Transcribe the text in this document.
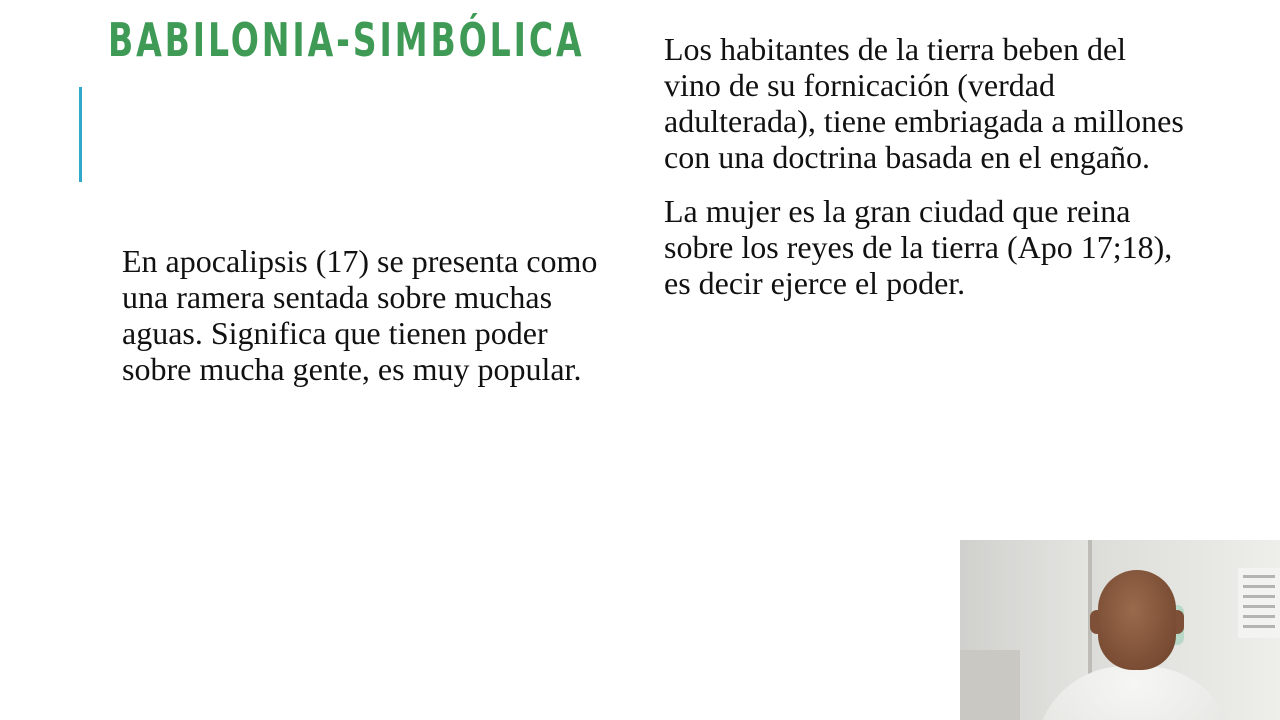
BABILONIA-SIMBÓLICA

En apocalipsis (17) se presenta como una ramera sentada sobre muchas aguas. Significa que tienen poder sobre mucha gente, es muy popular.

Los habitantes de la tierra beben del vino de su fornicación (verdad adulterada), tiene embriagada a millones con una doctrina basada en el engaño.

La mujer es la gran ciudad que reina sobre los reyes de la tierra (Apo 17;18), es decir ejerce el poder.
